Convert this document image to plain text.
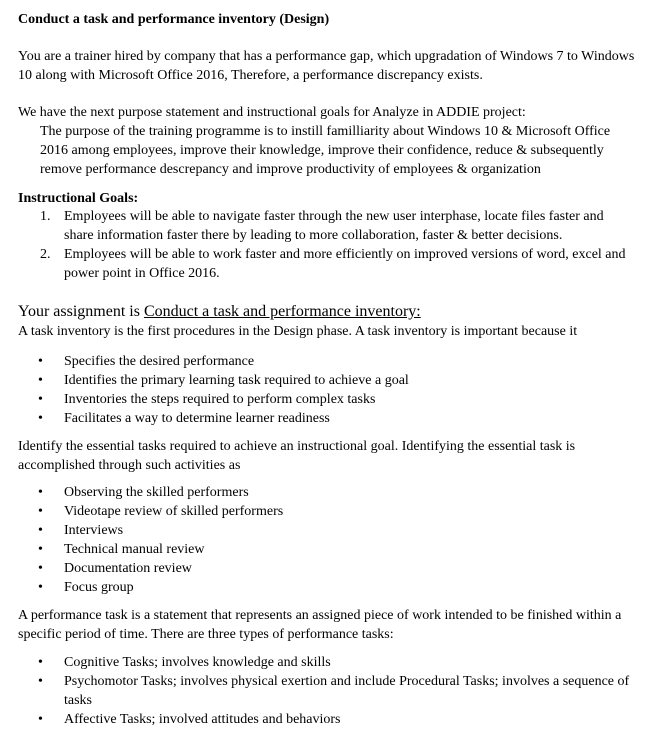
Conduct a task and performance inventory (Design)

You are a trainer hired by company that has a performance gap, which upgradation of Windows 7 to Windows 10 along with Microsoft Office 2016, Therefore, a performance discrepancy exists.

We have the next purpose statement and instructional goals for Analyze in ADDIE project:

The purpose of the training programme is to instill familliarity about Windows 10 & Microsoft Office 2016 among employees, improve their knowledge, improve their confidence, reduce & subsequently remove performance descrepancy and improve productivity of employees & organization

Instructional Goals:

1. Employees will be able to navigate faster through the new user interphase, locate files faster and share information faster there by leading to more collaboration, faster & better decisions.
2. Employees will be able to work faster and more efficiently on improved versions of word, excel and power point in Office 2016.

Your assignment is Conduct a task and performance inventory:

A task inventory is the first procedures in the Design phase. A task inventory is important because it

• Specifies the desired performance
• Identifies the primary learning task required to achieve a goal
• Inventories the steps required to perform complex tasks
• Facilitates a way to determine learner readiness

Identify the essential tasks required to achieve an instructional goal. Identifying the essential task is accomplished through such activities as

• Observing the skilled performers
• Videotape review of skilled performers
• Interviews
• Technical manual review
• Documentation review
• Focus group

A performance task is a statement that represents an assigned piece of work intended to be finished within a specific period of time. There are three types of performance tasks:

• Cognitive Tasks; involves knowledge and skills
• Psychomotor Tasks; involves physical exertion and include Procedural Tasks; involves a sequence of tasks
• Affective Tasks; involved attitudes and behaviors
